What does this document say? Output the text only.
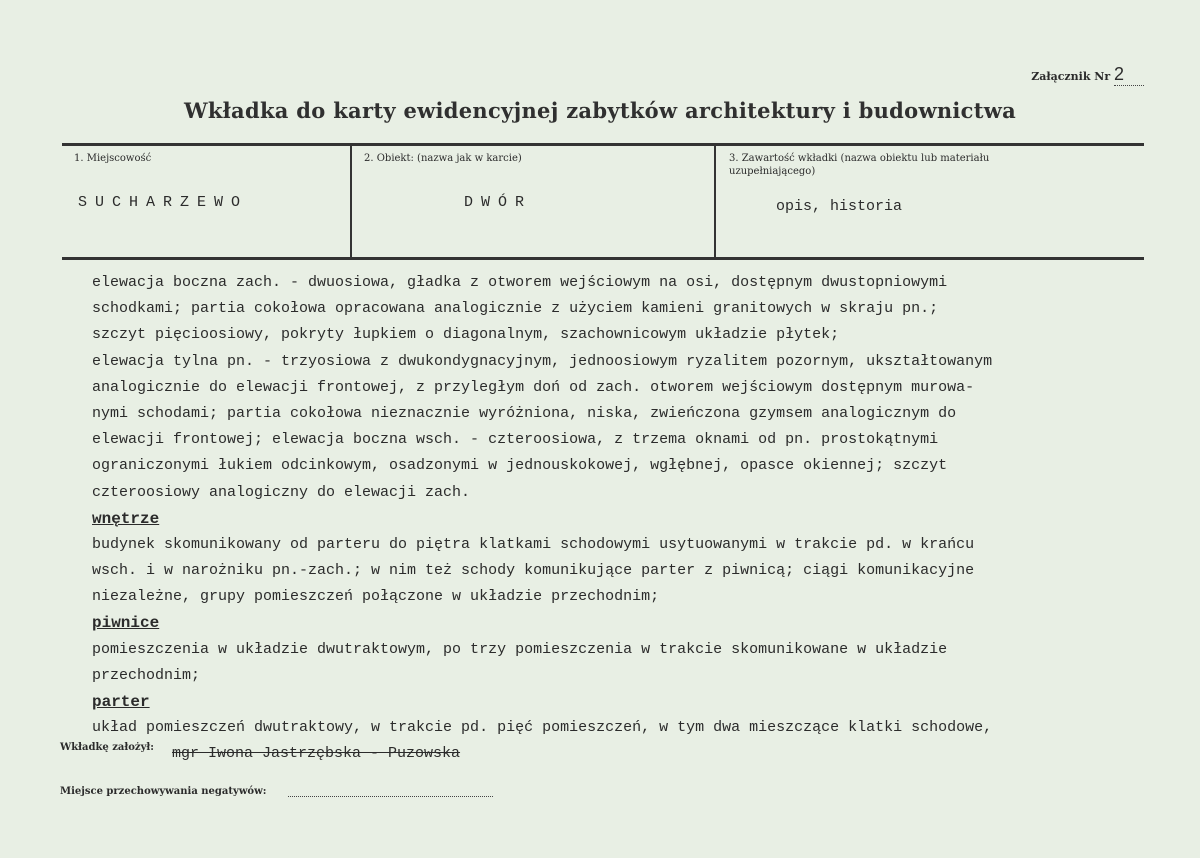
Załącznik Nr 2
Wkładka do karty ewidencyjnej zabytków architektury i budownictwa
1. Miejscowość	2. Obiekt: (nazwa jak w karcie)	3. Zawartość wkładki (nazwa obiektu lub materiału uzupełniającego)
SUCHARZEWO	DWÓR	opis, historia
elewacja boczna zach. - dwuosiowa, gładka z otworem wejściowym na osi, dostępnym dwustopniowymi
schodkami; partia cokołowa opracowana analogicznie z użyciem kamieni granitowych w skraju pn.;
szczyt pięcioosiowy, pokryty łupkiem o diagonalnym, szachownicowym układzie płytek;
elewacja tylna pn. - trzyosiowa z dwukondygnacyjnym, jednoosiowym ryzalitem pozornym, ukształtowanym
analogicznie do elewacji frontowej, z przyległym doń od zach. otworem wejściowym dostępnym murowa-
nymi schodami; partia cokołowa nieznacznie wyróżniona, niska, zwieńczona gzymsem analogicznym do
elewacji frontowej; elewacja boczna wsch. - czteroosiowa, z trzema oknami od pn. prostokątnymi
ograniczonymi łukiem odcinkowym, osadzonymi w jednouskokowej, wgłębnej, opasce okiennej; szczyt
czteroosiowy analogiczny do elewacji zach.
wnętrze
budynek skomunikowany od parteru do piętra klatkami schodowymi usytuowanymi w trakcie pd. w krańcu
wsch. i w narożniku pn.-zach.; w nim też schody komunikujące parter z piwnicą; ciągi komunikacyjne
niezależne, grupy pomieszczeń połączone w układzie przechodnim;
piwnice
pomieszczenia w układzie dwutraktowym, po trzy pomieszczenia w trakcie skomunikowane w układzie
przechodnim;
parter
układ pomieszczeń dwutraktowy, w trakcie pd. pięć pomieszczeń, w tym dwa mieszczące klatki schodowe,
Wkładkę założył: mgr Iwona Jastrzębska - Puzowska
Miejsce przechowywania negatywów:
